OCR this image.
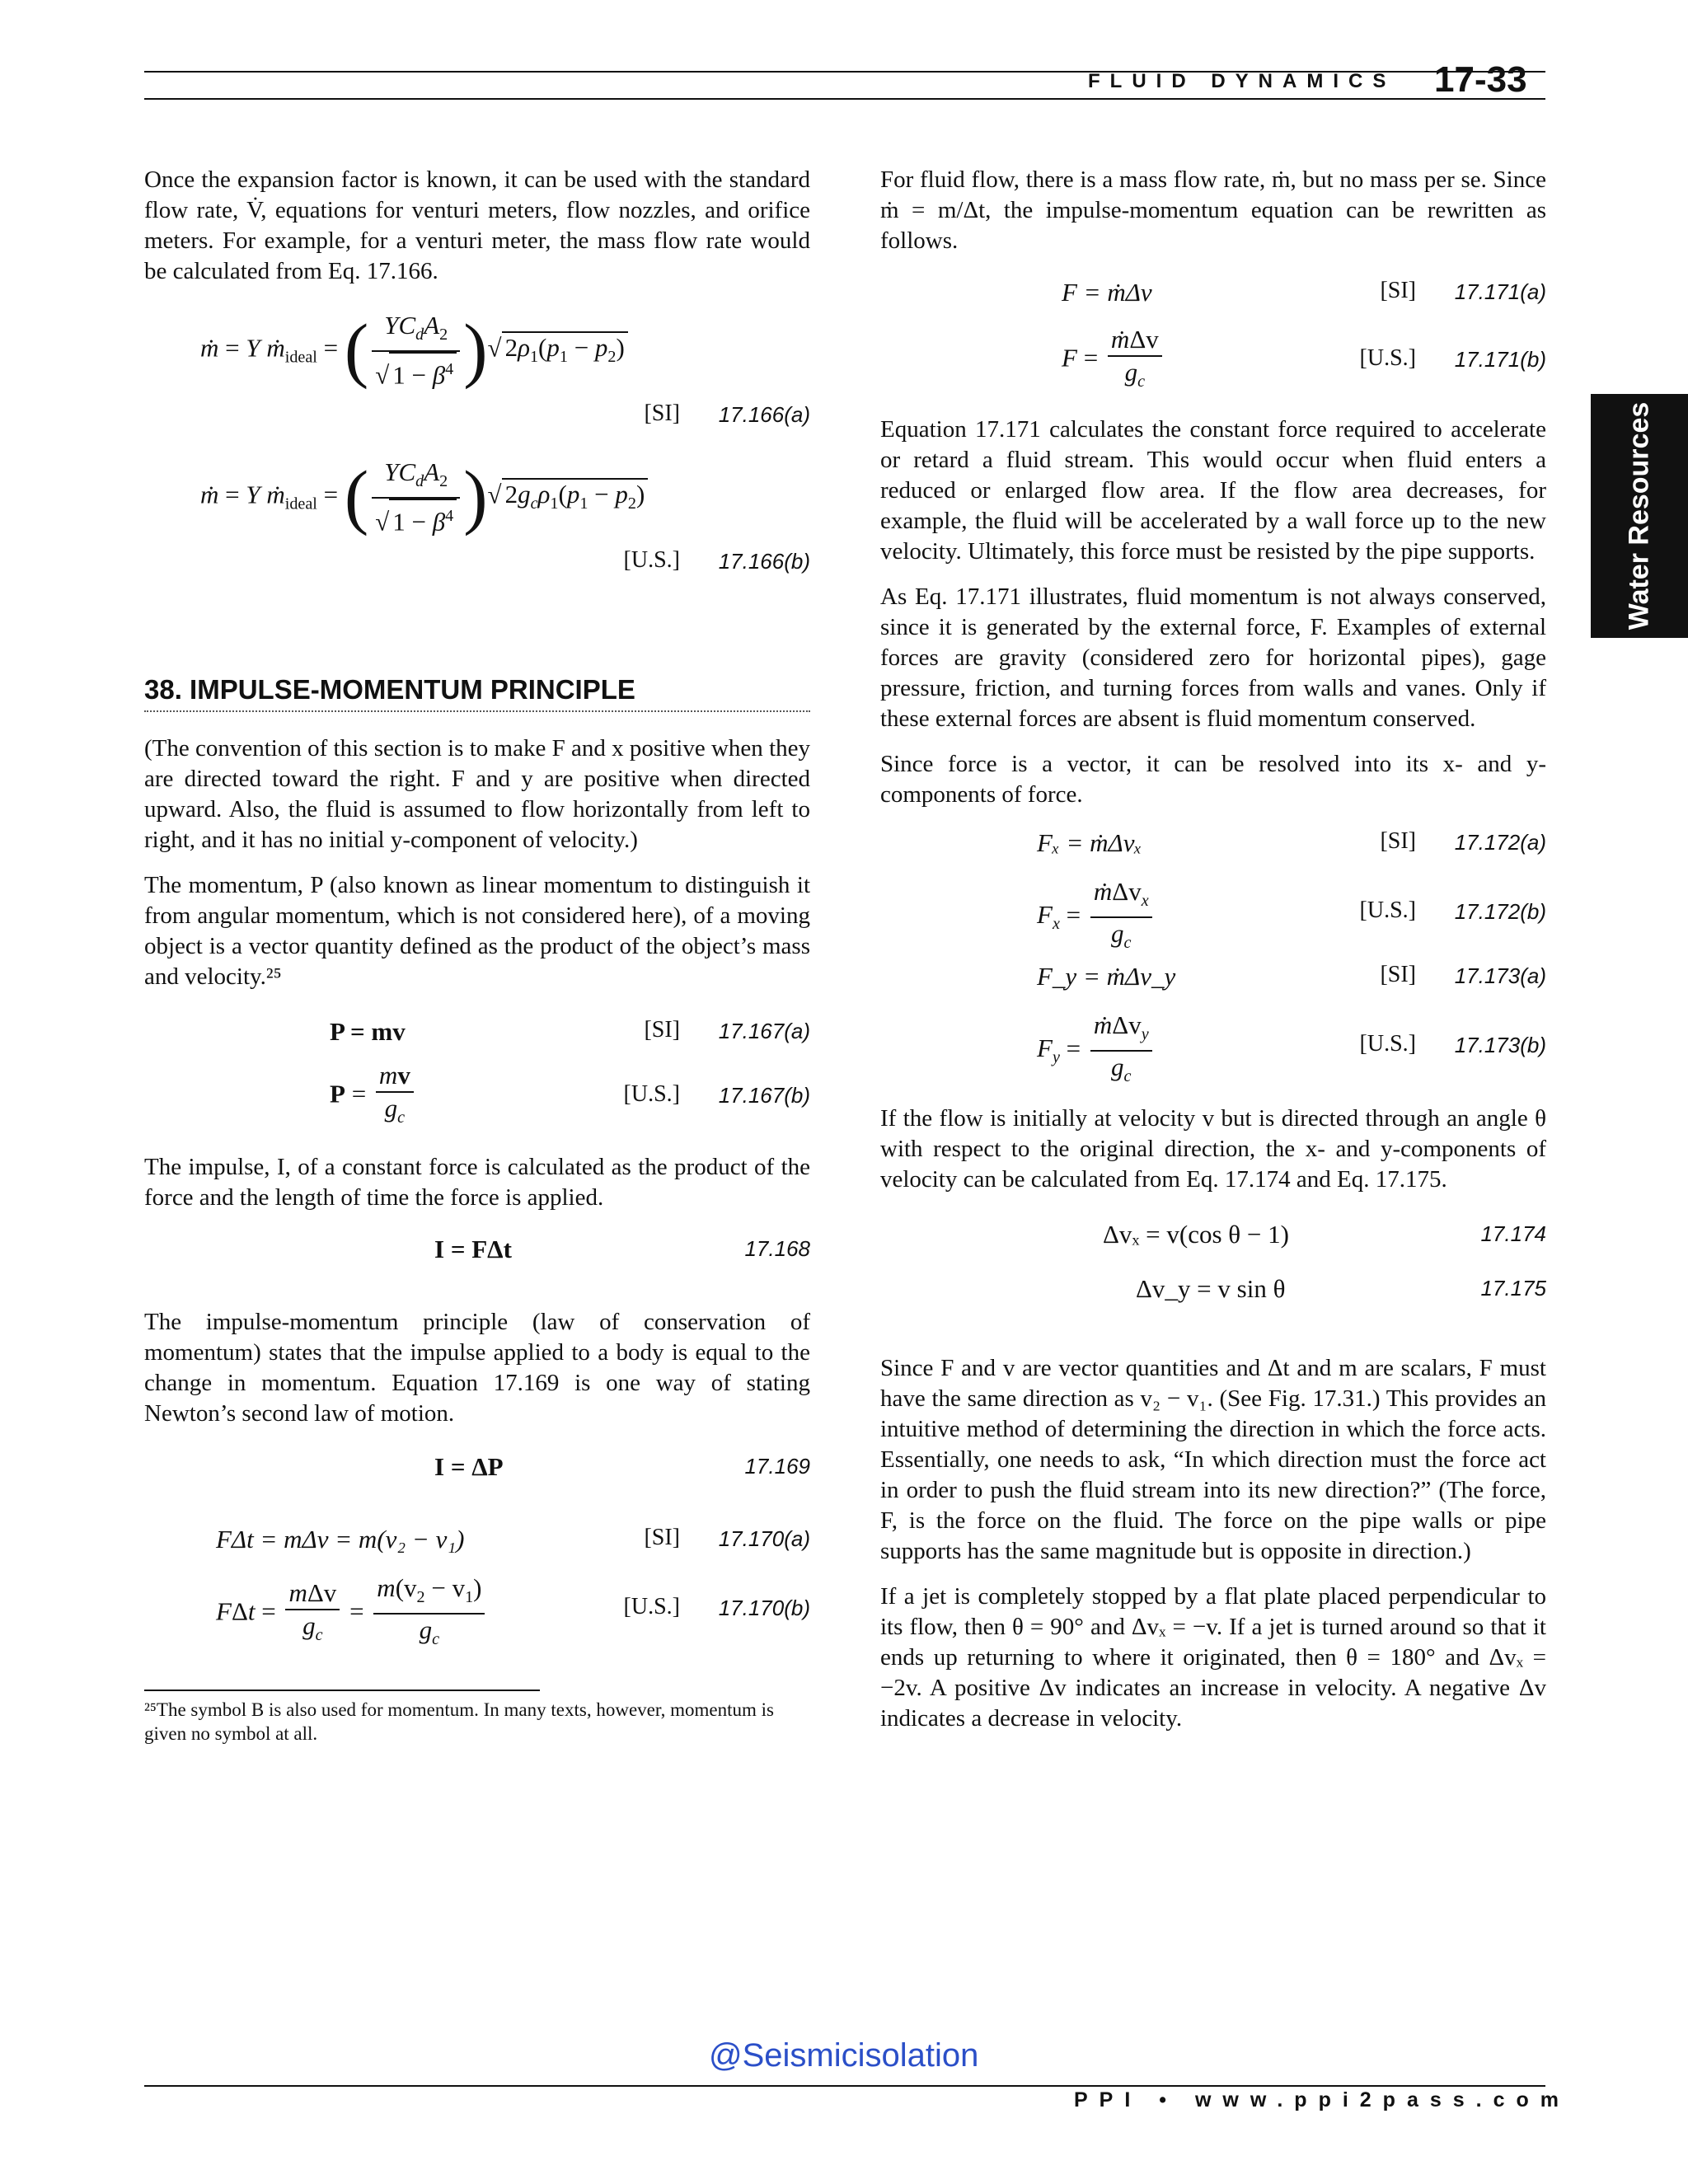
FLUID DYNAMICS 17-33
Water Resources

Once the expansion factor is known, it can be used with the standard flow rate, V̇, equations for venturi meters, flow nozzles, and orifice meters. For example, for a venturi meter, the mass flow rate would be calculated from Eq. 17.166.

ṁ = Y ṁ$_{ideal}$ = ( $\frac{YC_dA_2}{√ 1 - \beta^4}$ )√ $2\rho_1(p_1 - p_2)$
[SI] 17.166(a)
ṁ = Y ṁ$_{ideal}$ = ( $\frac{YC_dA_2}{√ 1 - \beta^4}$ )√ $2g_c\rho_1(p_1 - p_2)$
[U.S.] 17.166(b)
38. IMPULSE-MOMENTUM PRINCIPLE

(The convention of this section is to make F and x positive when they are directed toward the right. F and y are positive when directed upward. Also, the fluid is assumed to flow horizontally from left to right, and it has no initial y-component of velocity.)

The momentum, P (also known as linear momentum to distinguish it from angular momentum, which is not considered here), of a moving object is a vector quantity defined as the product of the object’s mass and velocity.²⁵

P = mv	[SI] 17.167(a)
$P = \frac{mv}{g_c}$	[U.S.] 17.167(b)

The impulse, I, of a constant force is calculated as the product of the force and the length of time the force is applied.

I = FΔt	17.168

The impulse-momentum principle (law of conservation of momentum) states that the impulse applied to a body is equal to the change in momentum. Equation 17.169 is one way of stating Newton’s second law of motion.

I = ΔP	17.169
FΔt = mΔv = m(v₂ − v₁)	[SI] 17.170(a)
$F\Delta t = \frac{\text{mΔv}}{g_c} = \frac{m(v_2 - v_1)}{g_c}$	[U.S.] 17.170(b)
²⁵The symbol B is also used for momentum. In many texts, however, momentum is given no symbol at all.

For fluid flow, there is a mass flow rate, ṁ, but no mass per se. Since ṁ = m/Δt, the impulse-momentum equation can be rewritten as follows.

F = ṁΔv	[SI] 17.171(a)
$F = \frac{\text{ṁΔv}}{g_c}$	[U.S.] 17.171(b)

Equation 17.171 calculates the constant force required to accelerate or retard a fluid stream. This would occur when fluid enters a reduced or enlarged flow area. If the flow area decreases, for example, the fluid will be accelerated by a wall force up to the new velocity. Ultimately, this force must be resisted by the pipe supports.

As Eq. 17.171 illustrates, fluid momentum is not always conserved, since it is generated by the external force, F. Examples of external forces are gravity (considered zero for horizontal pipes), gage pressure, friction, and turning forces from walls and vanes. Only if these external forces are absent is fluid momentum conserved.

Since force is a vector, it can be resolved into its x- and y-components of force.

Fₓ = ṁΔvₓ	[SI] 17.172(a)
$F_x = \frac{ṁ\Delta v_x}{g_c}$	[U.S.] 17.172(b)
F_y = ṁΔv_y	[SI] 17.173(a)
$F_y = \frac{ṁ\Delta v_y}{g_c}$	[U.S.] 17.173(b)

If the flow is initially at velocity v but is directed through an angle θ with respect to the original direction, the x- and y-components of velocity can be calculated from Eq. 17.174 and Eq. 17.175.

Δvₓ = v(cos θ − 1)	17.174
Δv_y = v sin θ	17.175

Since F and v are vector quantities and Δt and m are scalars, F must have the same direction as v₂ − v₁. (See Fig. 17.31.) This provides an intuitive method of determining the direction in which the force acts. Essentially, one needs to ask, “In which direction must the force act in order to push the fluid stream into its new direction?” (The force, F, is the force on the fluid. The force on the pipe walls or pipe supports has the same magnitude but is opposite in direction.)

If a jet is completely stopped by a flat plate placed perpendicular to its flow, then θ = 90° and Δvₓ = −v. If a jet is turned around so that it ends up returning to where it originated, then θ = 180° and Δvₓ = −2v. A positive Δv indicates an increase in velocity. A negative Δv indicates a decrease in velocity.

@Seismicisolation
PPI • www.ppi2pass.com
